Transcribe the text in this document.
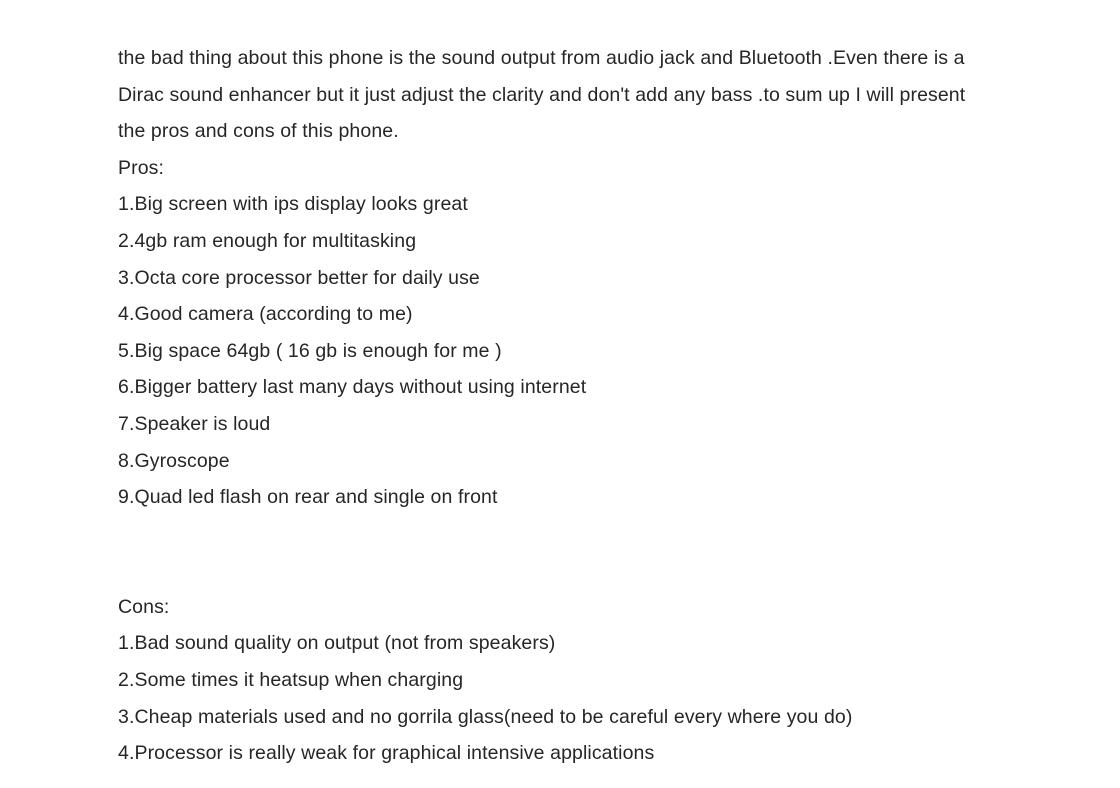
the bad thing about this phone is the sound output from audio jack and Bluetooth .Even there is a
Dirac sound enhancer but it just adjust the clarity and don't add any bass .to sum up I will present
the pros and cons of this phone.
Pros:
1.Big screen with ips display looks great
2.4gb ram enough for multitasking
3.Octa core processor better for daily use
4.Good camera (according to me)
5.Big space 64gb ( 16 gb is enough for me )
6.Bigger battery last many days without using internet
7.Speaker is loud
8.Gyroscope
9.Quad led flash on rear and single on front
Cons:
1.Bad sound quality on output (not from speakers)
2.Some times it heatsup when charging
3.Cheap materials used and no gorrila glass(need to be careful every where you do)
4.Processor is really weak for graphical intensive applications
